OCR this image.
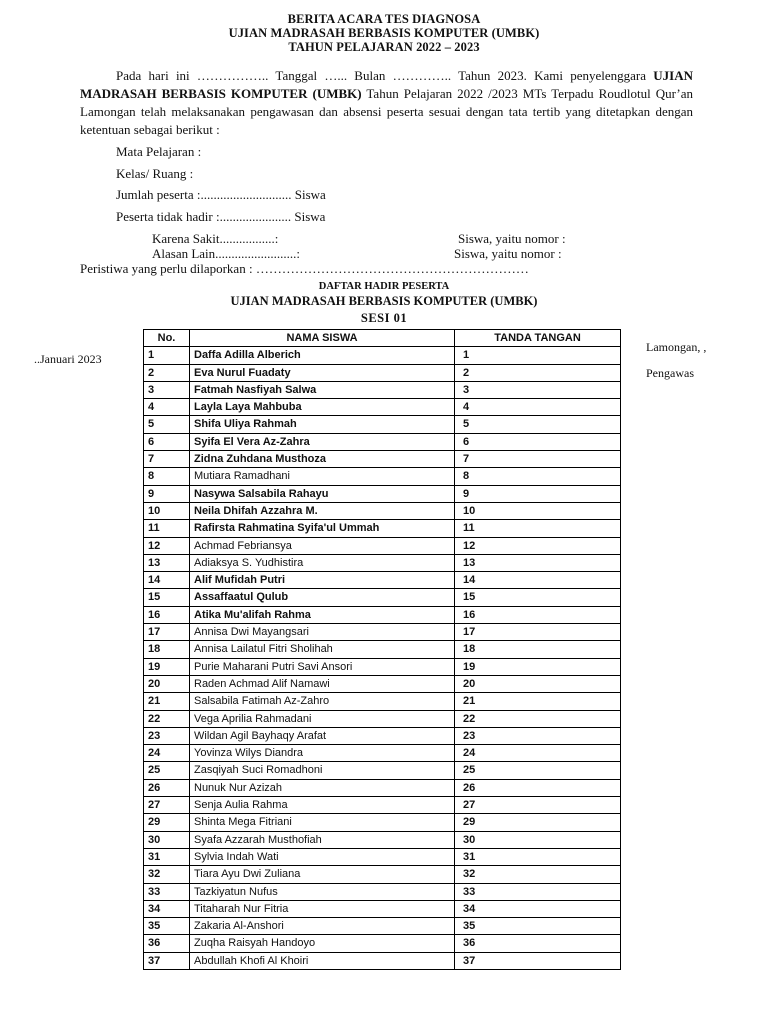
BERITA ACARA TES DIAGNOSA
UJIAN MADRASAH BERBASIS KOMPUTER (UMBK)
TAHUN PELAJARAN 2022 – 2023

Pada hari ini …………….. Tanggal …... Bulan ………….. Tahun 2023. Kami penyelenggara UJIAN MADRASAH BERBASIS KOMPUTER (UMBK) Tahun Pelajaran 2022 /2023 MTs Terpadu Roudlotul Qur’an Lamongan telah melaksanakan pengawasan dan absensi peserta sesuai dengan tata tertib yang ditetapkan dengan ketentuan sebagai berikut :

Mata Pelajaran :
Kelas/ Ruang :
Jumlah peserta :............................ Siswa
Peserta tidak hadir :...................... Siswa
Karena Sakit.................:	Siswa, yaitu nomor :
Alasan Lain.........................:	Siswa, yaitu nomor :
Peristiwa yang perlu dilaporkan : ………………………………………………………
DAFTAR HADIR PESERTA
UJIAN MADRASAH BERBASIS KOMPUTER (UMBK)
SESI 01
..Januari 2023
Lamongan, ,
Pengawas
No.	NAMA SISWA	TANDA TANGAN
1	Daffa Adilla Alberich	1
2	Eva Nurul Fuadaty	2
3	Fatmah Nasfiyah Salwa	3
4	Layla Laya Mahbuba	4
5	Shifa Uliya Rahmah	5
6	Syifa El Vera Az-Zahra	6
7	Zidna Zuhdana Musthoza	7
8	Mutiara Ramadhani	8
9	Nasywa Salsabila Rahayu	9
10	Neila Dhifah Azzahra M.	10
11	Rafirsta Rahmatina Syifa'ul Ummah	11
12	Achmad Febriansya	12
13	Adiaksya S. Yudhistira	13
14	Alif Mufidah Putri	14
15	Assaffaatul Qulub	15
16	Atika Mu'alifah Rahma	16
17	Annisa Dwi Mayangsari	17
18	Annisa Lailatul Fitri Sholihah	18
19	Purie Maharani Putri Savi Ansori	19
20	Raden Achmad Alif Namawi	20
21	Salsabila Fatimah Az-Zahro	21
22	Vega Aprilia Rahmadani	22
23	Wildan Agil Bayhaqy Arafat	23
24	Yovinza Wilys Diandra	24
25	Zasqiyah Suci Romadhoni	25
26	Nunuk Nur Azizah	26
27	Senja Aulia Rahma	27
29	Shinta Mega Fitriani	29
30	Syafa Azzarah Musthofiah	30
31	Sylvia Indah Wati	31
32	Tiara Ayu Dwi Zuliana	32
33	Tazkiyatun Nufus	33
34	Titaharah Nur Fitria	34
35	Zakaria Al-Anshori	35
36	Zuqha Raisyah Handoyo	36
37	Abdullah Khofi Al Khoiri	37
